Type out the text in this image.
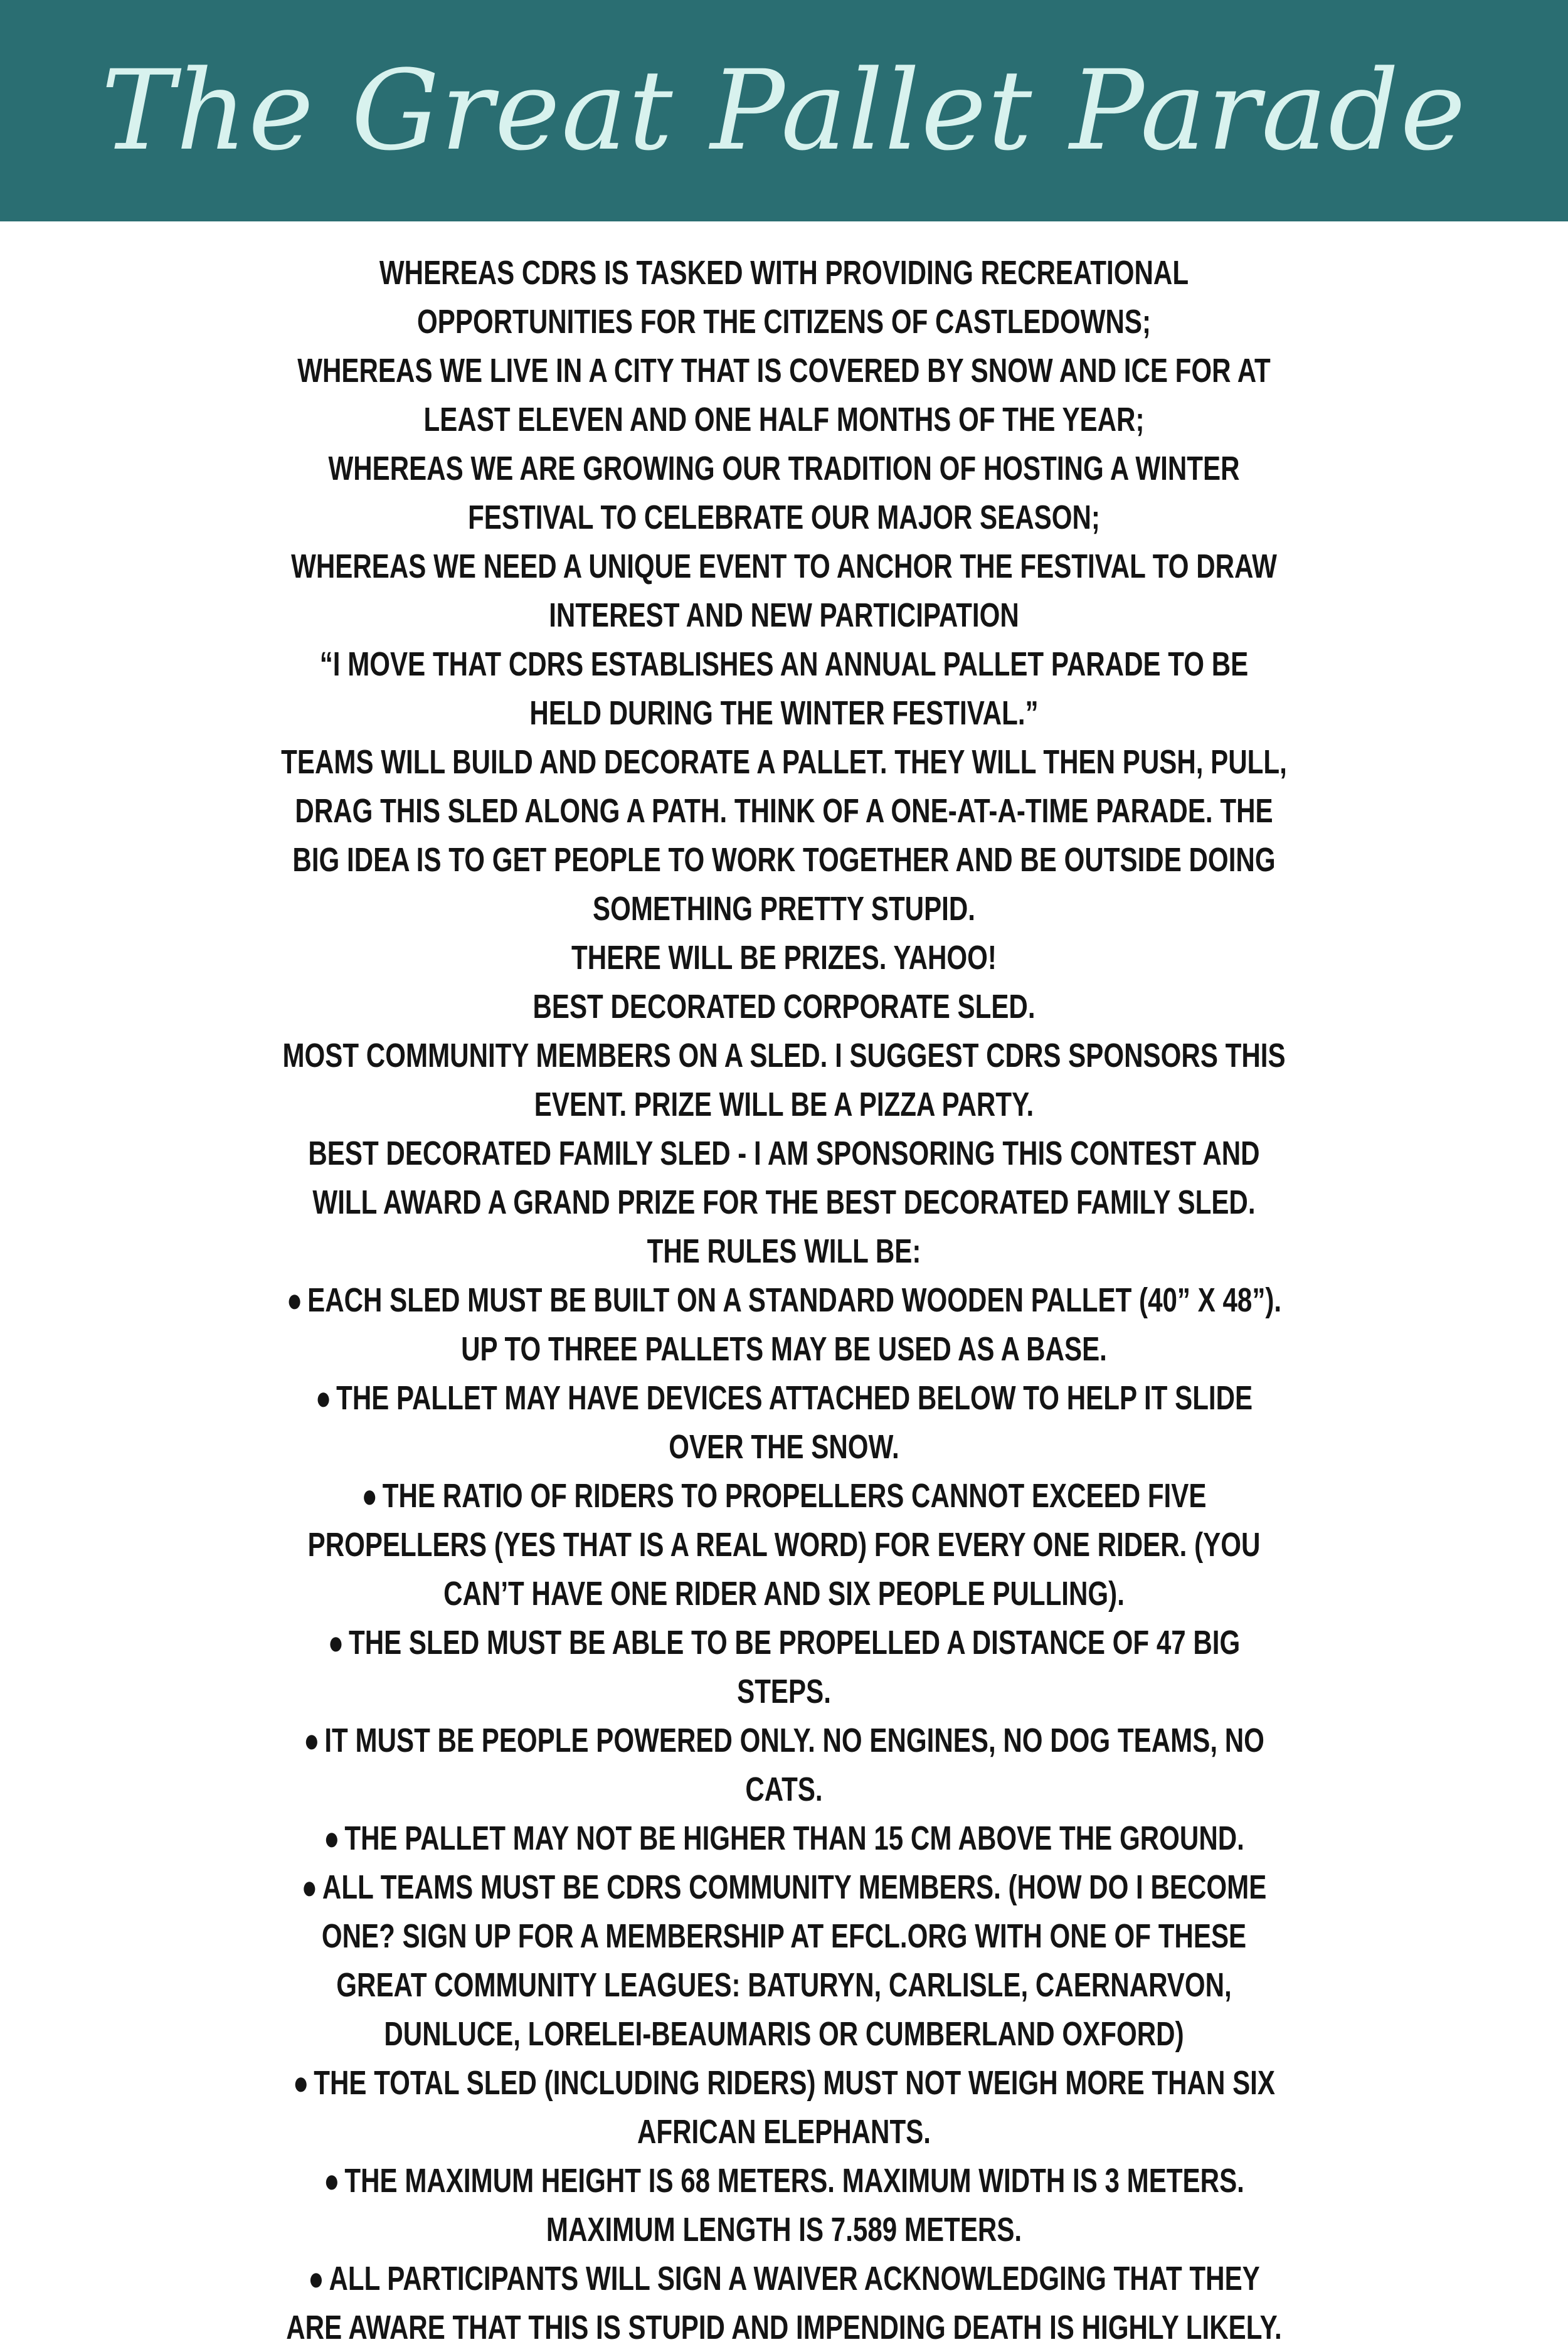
The Great Pallet Parade

WHEREAS CDRS IS TASKED WITH PROVIDING RECREATIONAL OPPORTUNITIES FOR THE CITIZENS OF CASTLEDOWNS;

WHEREAS WE LIVE IN A CITY THAT IS COVERED BY SNOW AND ICE FOR AT LEAST ELEVEN AND ONE HALF MONTHS OF THE YEAR;

WHEREAS WE ARE GROWING OUR TRADITION OF HOSTING A WINTER FESTIVAL TO CELEBRATE OUR MAJOR SEASON;

WHEREAS WE NEED A UNIQUE EVENT TO ANCHOR THE FESTIVAL TO DRAW INTEREST AND NEW PARTICIPATION

“I MOVE THAT CDRS ESTABLISHES AN ANNUAL PALLET PARADE TO BE HELD DURING THE WINTER FESTIVAL.”

TEAMS WILL BUILD AND DECORATE A PALLET. THEY WILL THEN PUSH, PULL, DRAG THIS SLED ALONG A PATH. THINK OF A ONE-AT-A-TIME PARADE. THE BIG IDEA IS TO GET PEOPLE TO WORK TOGETHER AND BE OUTSIDE DOING SOMETHING PRETTY STUPID.

THERE WILL BE PRIZES. YAHOO!

BEST DECORATED CORPORATE SLED.

MOST COMMUNITY MEMBERS ON A SLED. I SUGGEST CDRS SPONSORS THIS EVENT. PRIZE WILL BE A PIZZA PARTY.

BEST DECORATED FAMILY SLED - I AM SPONSORING THIS CONTEST AND WILL AWARD A GRAND PRIZE FOR THE BEST DECORATED FAMILY SLED.

THE RULES WILL BE:

● EACH SLED MUST BE BUILT ON A STANDARD WOODEN PALLET (40” X 48”). UP TO THREE PALLETS MAY BE USED AS A BASE.

● THE PALLET MAY HAVE DEVICES ATTACHED BELOW TO HELP IT SLIDE OVER THE SNOW.

● THE RATIO OF RIDERS TO PROPELLERS CANNOT EXCEED FIVE PROPELLERS (YES THAT IS A REAL WORD) FOR EVERY ONE RIDER. (YOU CAN’T HAVE ONE RIDER AND SIX PEOPLE PULLING).

● THE SLED MUST BE ABLE TO BE PROPELLED A DISTANCE OF 47 BIG STEPS.

● IT MUST BE PEOPLE POWERED ONLY. NO ENGINES, NO DOG TEAMS, NO CATS.

● THE PALLET MAY NOT BE HIGHER THAN 15 CM ABOVE THE GROUND.

● ALL TEAMS MUST BE CDRS COMMUNITY MEMBERS. (HOW DO I BECOME ONE? SIGN UP FOR A MEMBERSHIP AT EFCL.ORG WITH ONE OF THESE GREAT COMMUNITY LEAGUES: BATURYN, CARLISLE, CAERNARVON, DUNLUCE, LORELEI-BEAUMARIS OR CUMBERLAND OXFORD)

● THE TOTAL SLED (INCLUDING RIDERS) MUST NOT WEIGH MORE THAN SIX AFRICAN ELEPHANTS.

● THE MAXIMUM HEIGHT IS 68 METERS. MAXIMUM WIDTH IS 3 METERS. MAXIMUM LENGTH IS 7.589 METERS.

● ALL PARTICIPANTS WILL SIGN A WAIVER ACKNOWLEDGING THAT THEY ARE AWARE THAT THIS IS STUPID AND IMPENDING DEATH IS HIGHLY LIKELY.
